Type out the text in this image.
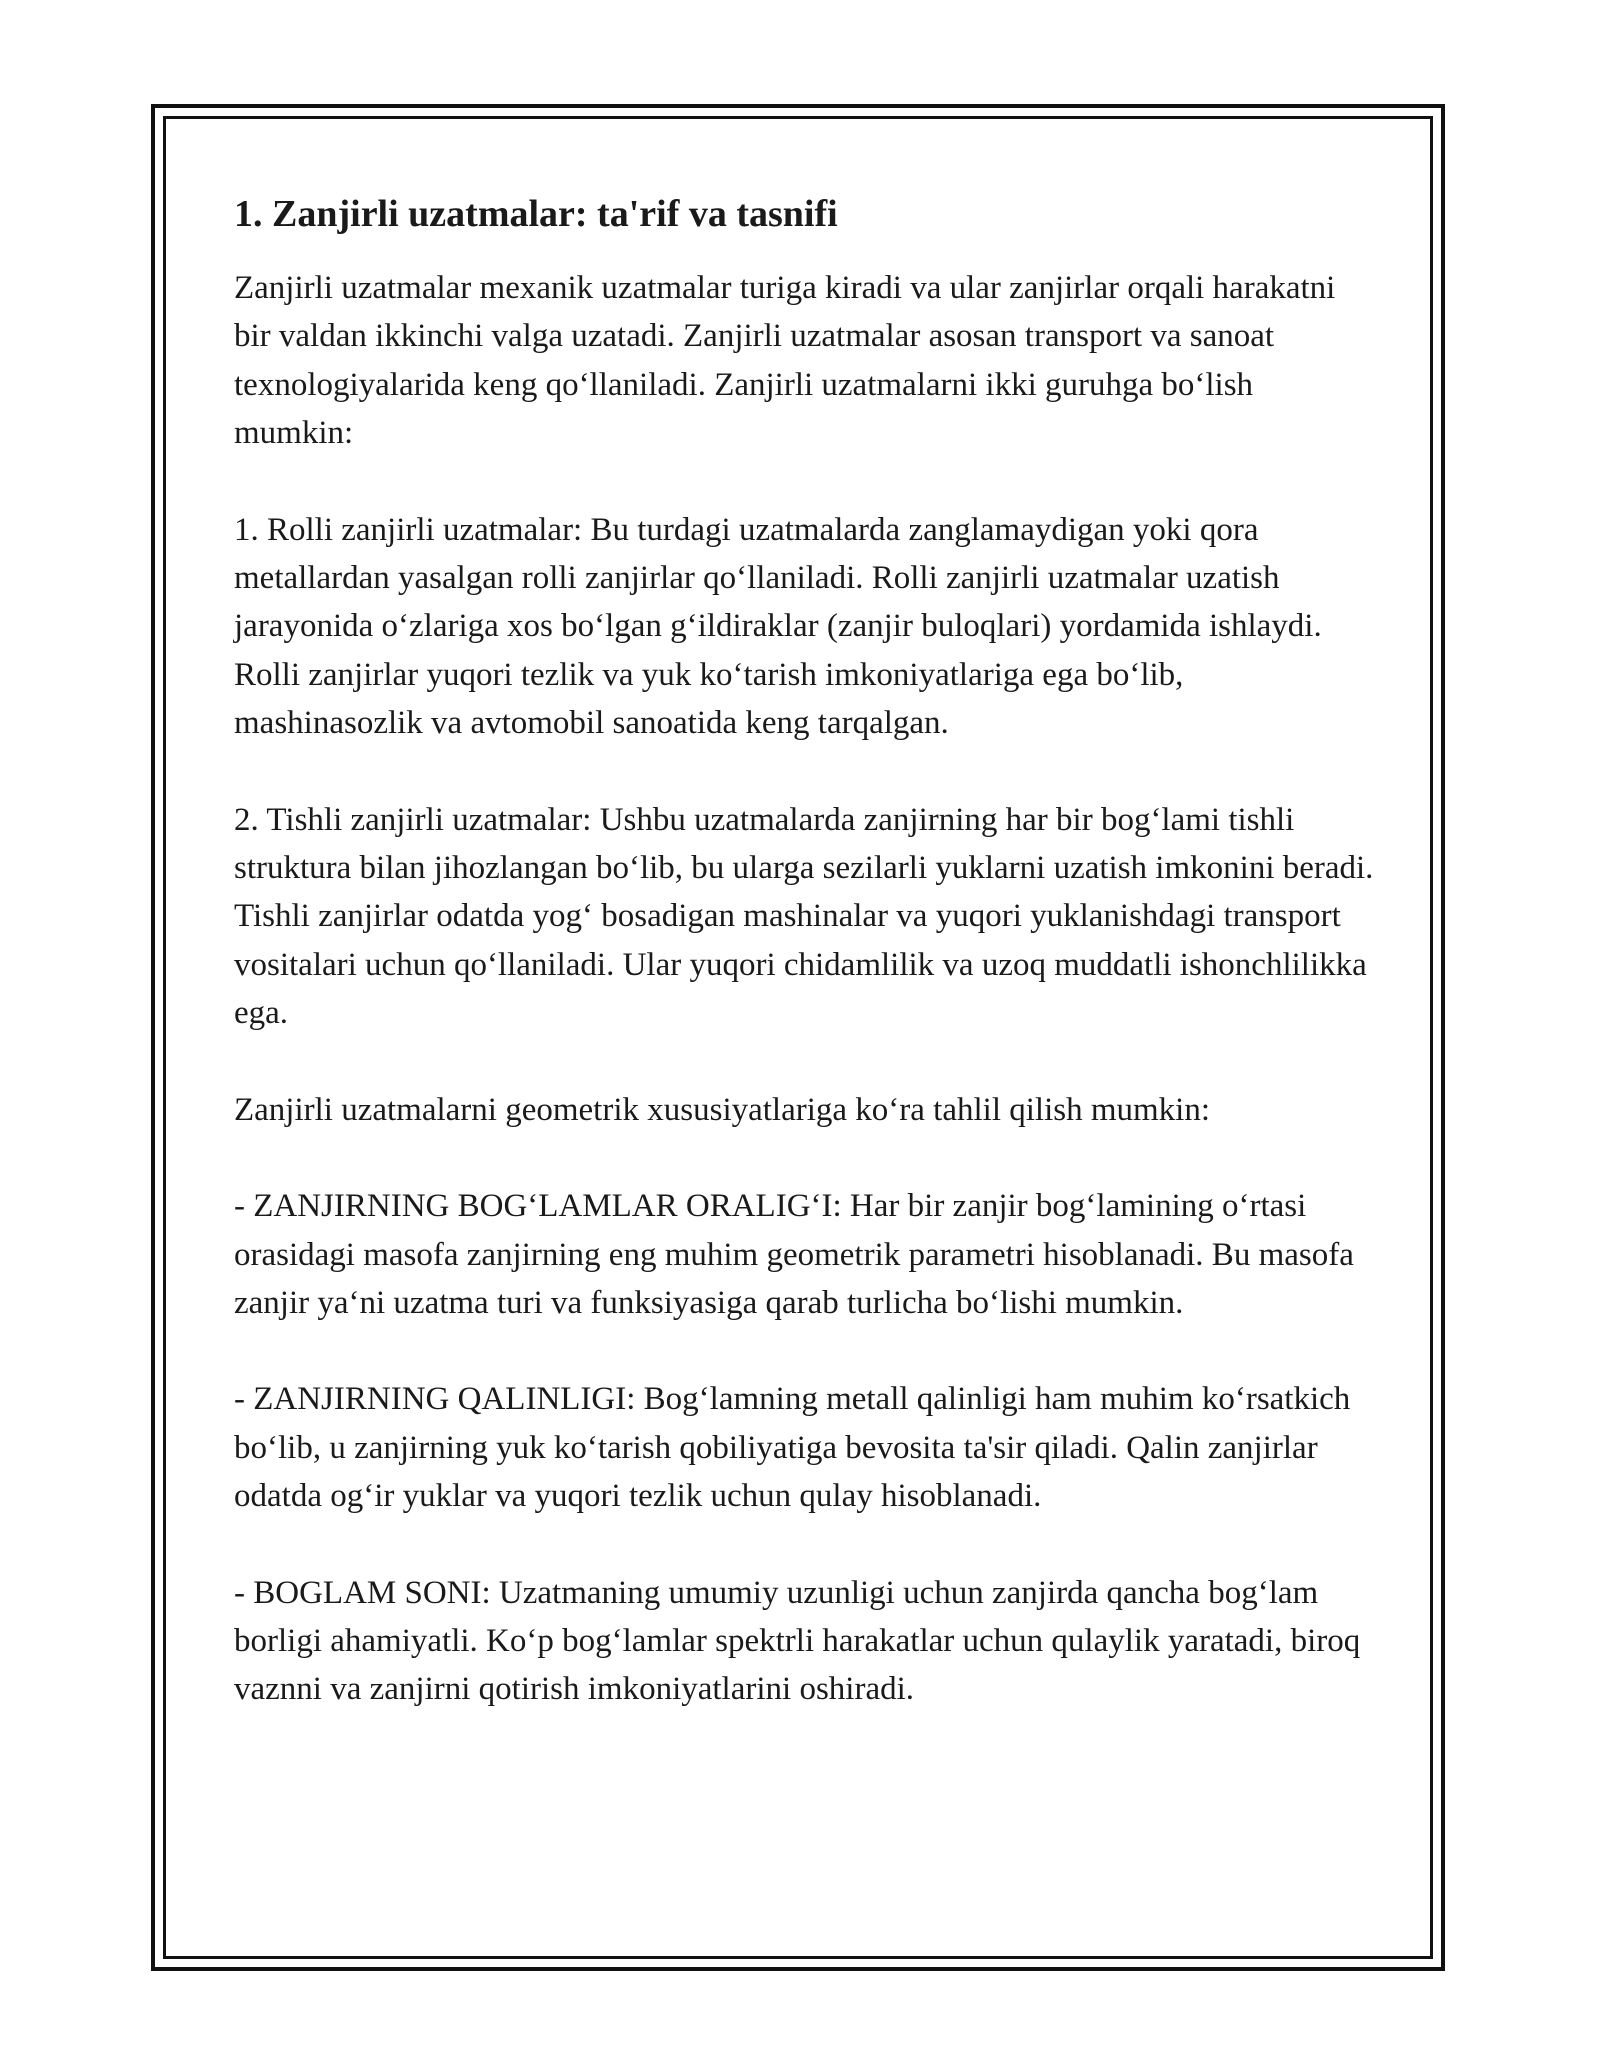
1. Zanjirli uzatmalar: ta'rif va tasnifi

Zanjirli uzatmalar mexanik uzatmalar turiga kiradi va ular zanjirlar orqali harakatni bir valdan ikkinchi valga uzatadi. Zanjirli uzatmalar asosan transport va sanoat texnologiyalarida keng qoʻllaniladi. Zanjirli uzatmalarni ikki guruhga boʻlish mumkin:

1. Rolli zanjirli uzatmalar: Bu turdagi uzatmalarda zanglamaydigan yoki qora metallardan yasalgan rolli zanjirlar qoʻllaniladi. Rolli zanjirli uzatmalar uzatish jarayonida oʻzlariga xos boʻlgan gʻildiraklar (zanjir buloqlari) yordamida ishlaydi. Rolli zanjirlar yuqori tezlik va yuk koʻtarish imkoniyatlariga ega boʻlib, mashinasozlik va avtomobil sanoatida keng tarqalgan.

2. Tishli zanjirli uzatmalar: Ushbu uzatmalarda zanjirning har bir bogʻlami tishli struktura bilan jihozlangan boʻlib, bu ularga sezilarli yuklarni uzatish imkonini beradi. Tishli zanjirlar odatda yogʻ bosadigan mashinalar va yuqori yuklanishdagi transport vositalari uchun qoʻllaniladi. Ular yuqori chidamlilik va uzoq muddatli ishonchlilikka ega.

Zanjirli uzatmalarni geometrik xususiyatlariga koʻra tahlil qilish mumkin:

- ZANJIRNING BOGʻLAMLAR ORALIGʻI: Har bir zanjir bogʻlamining oʻrtasi orasidagi masofa zanjirning eng muhim geometrik parametri hisoblanadi. Bu masofa zanjir yaʻni uzatma turi va funksiyasiga qarab turlicha boʻlishi mumkin.

- ZANJIRNING QALINLIGI: Bogʻlamning metall qalinligi ham muhim koʻrsatkich boʻlib, u zanjirning yuk koʻtarish qobiliyatiga bevosita ta'sir qiladi. Qalin zanjirlar odatda ogʻir yuklar va yuqori tezlik uchun qulay hisoblanadi.

- BOGLAM SONI: Uzatmaning umumiy uzunligi uchun zanjirda qancha bogʻlam borligi ahamiyatli. Koʻp bogʻlamlar spektrli harakatlar uchun qulaylik yaratadi, biroq vaznni va zanjirni qotirish imkoniyatlarini oshiradi.
